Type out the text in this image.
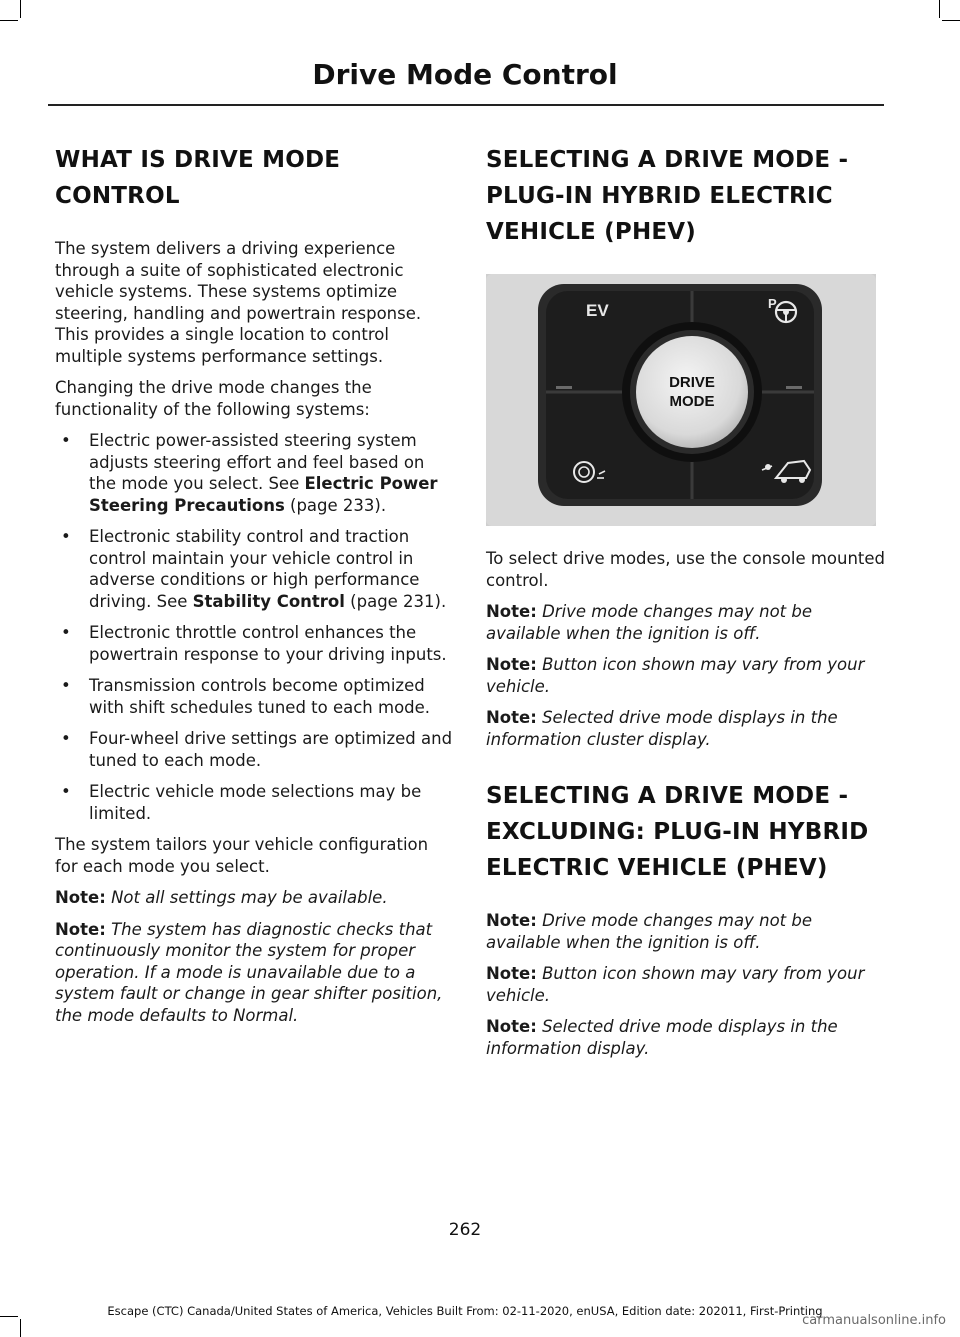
Drive Mode Control
WHAT IS DRIVE MODE CONTROL

The system delivers a driving experience through a suite of sophisticated electronic vehicle systems. These systems optimize steering, handling and powertrain response. This provides a single location to control multiple systems performance settings.

Changing the drive mode changes the functionality of the following systems:

• Electric power-assisted steering system adjusts steering effort and feel based on the mode you select. See Electric Power Steering Precautions (page 233).
• Electronic stability control and traction control maintain your vehicle control in adverse conditions or high performance driving. See Stability Control (page 231).
• Electronic throttle control enhances the powertrain response to your driving inputs.
• Transmission controls become optimized with shift schedules tuned to each mode.
• Four-wheel drive settings are optimized and tuned to each mode.
• Electric vehicle mode selections may be limited.

The system tailors your vehicle configuration for each mode you select.

Note: Not all settings may be available.

Note: The system has diagnostic checks that continuously monitor the system for proper operation. If a mode is unavailable due to a system fault or change in gear shifter position, the mode defaults to Normal.

SELECTING A DRIVE MODE - PLUG-IN HYBRID ELECTRIC VEHICLE (PHEV)
DRIVE
MODE
EV	P

To select drive modes, use the console mounted control.

Note: Drive mode changes may not be available when the ignition is off.

Note: Button icon shown may vary from your vehicle.

Note: Selected drive mode displays in the information cluster display.

SELECTING A DRIVE MODE - EXCLUDING: PLUG-IN HYBRID ELECTRIC VEHICLE (PHEV)

Note: Drive mode changes may not be available when the ignition is off.

Note: Button icon shown may vary from your vehicle.

Note: Selected drive mode displays in the information display.

262
Escape (CTC) Canada/United States of America, Vehicles Built From: 02-11-2020, enUSA, Edition date: 202011, First-Printing
carmanualsonline.info
